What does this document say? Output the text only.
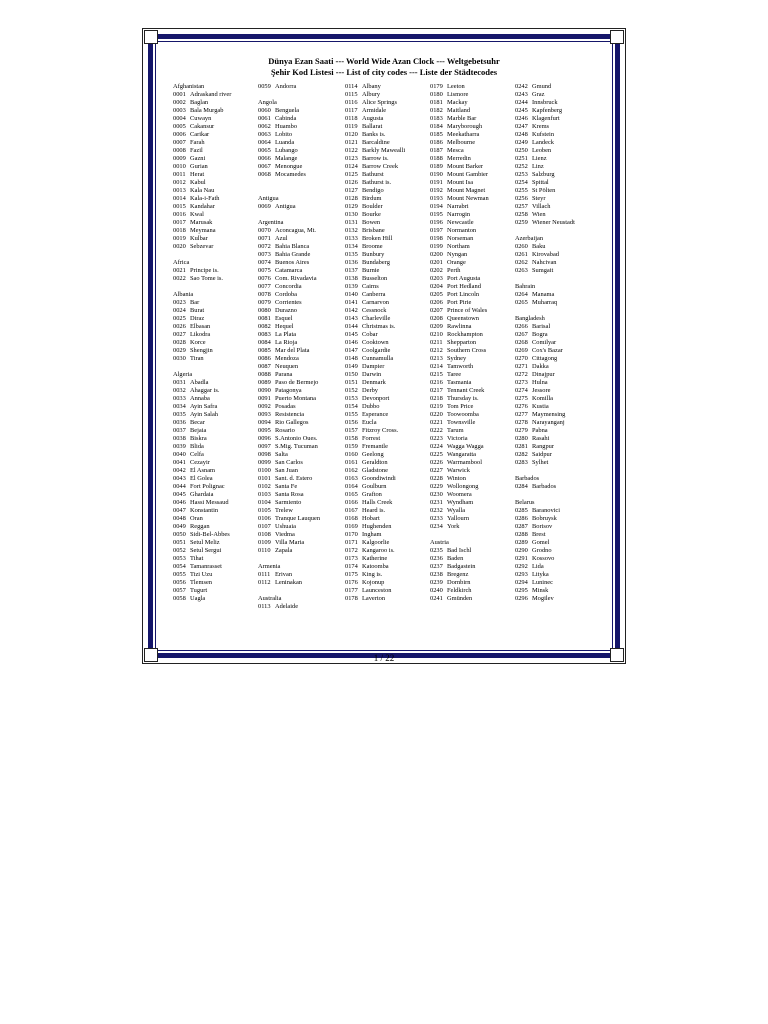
Dünya Ezan Saati --- World Wide Azan Clock --- Weltgebetsuhr
Şehir Kod Listesi --- List of city codes --- Liste der Städtecodes
Afghanistan
0001 Adraskand river
0002 Baglan
0003 Bala Murgab
0004 Cuwayn
0005 Cakansur
0006 Carikar
0007 Farah
0008 Fazil
0009 Gazni
0010 Gurian
0011 Herat
0012 Kabul
0013 Kala Nau
0014 Kala-i-Fath
0015 Kandahar
0016 Kwal
0017 Marusak
0018 Meymana
0019 Kulbar
0020 Sebzevar
Africa
0021 Principe is.
0022 Sao Tome is.
Albania
0023 Bar
0024 Burat
0025 Diraz
0026 Elbasan
0027 Likodra
0028 Korce
0029 Shengjin
0030 Tiran
Algeria
0031 Abadla
0032 Ahaggar is.
0033 Annaba
0034 Ayin Safra
0035 Ayin Salah
0036 Becar
0037 Bejaia
0038 Biskra
0039 Blida
0040 Celfa
0041 Cezayir
0042 El Asnam
0043 El Golea
0044 Fort Polignac
0045 Ghardaia
0046 Hassi Messaud
0047 Konstantin
0048 Oran
0049 Reggan
0050 Sidi-Bel-Abbes
0051 Setul Meliz
0052 Setul Sergui
0053 Tihat
0054 Tamanrasset
0055 Tizi Uzu
0056 Tlemsen
0057 Tugurt
0058 Uagla
0059 Andorra
Angola
0060 Benguela
0061 Cabinda
0062 Huambo
0063 Lobito
0064 Luanda
0065 Lubango
0066 Malange
0067 Menongue
0068 Mocamedes
Antigua
0069 Antigua
Argentina
0070 Aconcagua, Mt.
0071 Azul
0072 Bahia Blanca
0073 Bahia Grande
0074 Buenos Aires
0075 Catamarca
0076 Com. Rivadavia
0077 Concordia
0078 Cordoba
0079 Corrientes
0080 Durazno
0081 Esquel
0082 Hequel
0083 La Plata
0084 La Rioja
0085 Mar del Plata
0086 Mendoza
0087 Neuquen
0088 Parana
0089 Paso de Bermejo
0090 Patagonya
0091 Puerto Montana
0092 Posadas
0093 Resistencia
0094 Rio Gallegos
0095 Rosario
0096 S.Antonio Oues.
0097 S.Mig. Tucuman
0098 Salta
0099 San Carlos
0100 San Juan
0101 Sant. d. Estero
0102 Santa Fe
0103 Santa Rosa
0104 Sarmiento
0105 Trelew
0106 Tranque Lauquen
0107 Ushuaia
0108 Viedma
0109 Villa Maria
0110 Zapala
Armenia
0111 Erivan
0112 Leninakan
Australia
0113 Adelaide
0114 Albany
0115 Albury
0116 Alice Springs
0117 Armidale
0118 Augusta
0119 Ballarat
0120 Banks is.
0121 Barcaldine
0122 Barkly Mawealli
0123 Barrow is.
0124 Barrow Creek
0125 Bathurst
0126 Bathurst is.
0127 Bendigo
0128 Birdum
0129 Boulder
0130 Bourke
0131 Bowen
0132 Brisbane
0133 Broken Hill
0134 Broome
0135 Bunbury
0136 Bundaberg
0137 Burnie
0138 Busselton
0139 Cairns
0140 Canberra
0141 Carnarvon
0142 Cessnock
0143 Charleville
0144 Christmas is.
0145 Cobar
0146 Cooktown
0147 Coolgardie
0148 Cunnamulla
0149 Dampier
0150 Darwin
0151 Denmark
0152 Derby
0153 Devonport
0154 Dubbo
0155 Esperance
0156 Eucla
0157 Fitzroy Cross.
0158 Forrest
0159 Fremantle
0160 Geelong
0161 Geraldton
0162 Gladstone
0163 Goondiwindi
0164 Goulburn
0165 Grafton
0166 Halls Creek
0167 Heard is.
0168 Hobart
0169 Hughenden
0170 Ingham
0171 Kalgoorlie
0172 Kangaroo is.
0173 Katherine
0174 Katoomba
0175 King is.
0176 Kojonup
0177 Launceston
0178 Laverton
0179 Leeton
0180 Lismore
0181 Mackay
0182 Maitland
0183 Marble Bar
0184 Maryborough
0185 Meekatharra
0186 Melbourne
0187 Mesca
0188 Merredin
0189 Mount Barker
0190 Mount Gambier
0191 Mount Isa
0192 Mount Magnet
0193 Mount Newman
0194 Narrabri
0195 Narrogin
0196 Newcastle
0197 Normanton
0198 Norseman
0199 Northam
0200 Nyngan
0201 Orange
0202 Perth
0203 Port Augusta
0204 Port Hedland
0205 Port Lincoln
0206 Port Pirie
0207 Prince of Wales
0208 Queenstown
0209 Rawlinna
0210 Rockhampton
0211 Shepparton
0212 Southern Cross
0213 Sydney
0214 Tamworth
0215 Taree
0216 Tasmania
0217 Tennant Creek
0218 Thursday is.
0219 Tom Price
0220 Toowoomba
0221 Townsville
0222 Tarum
0223 Victoria
0224 Wagga Wagga
0225 Wangaratta
0226 Warrnambool
0227 Warwick
0228 Winton
0229 Wollongong
0230 Woomera
0231 Wyndham
0232 Wyalla
0233 Yallourn
0234 York
Austria
0235 Bad Ischl
0236 Baden
0237 Badgastein
0238 Bregenz
0239 Dornbirn
0240 Feldkirch
0241 Gmünden
0242 Gmund
0243 Graz
0244 Innsbruck
0245 Kapfenberg
0246 Klagenfurt
0247 Krems
0248 Kufstein
0249 Landeck
0250 Leoben
0251 Lienz
0252 Linz
0253 Salzburg
0254 Spittal
0255 St Pölten
0256 Steyr
0257 Villach
0258 Wien
0259 Wiener Neustadt
Azerbaijan
0260 Baku
0261 Kirovabad
0262 Nahcivan
0263 Sumgait
Bahrain
0264 Manama
0265 Muharraq
Bangladesh
0266 Barisal
0267 Bogra
0268 Comilyar
0269 Cox's Bazar
0270 Cittagong
0271 Dakka
0272 Dinajpur
0273 Hulna
0274 Jessore
0275 Komilla
0276 Kustia
0277 Maymensing
0278 Narayanganj
0279 Pabna
0280 Rasahi
0281 Rangpur
0282 Saidpur
0283 Sylhet
Barbados
0284 Barbados
Belarus
0285 Baranovici
0286 Bobruysk
0287 Borisov
0288 Brest
0289 Gomel
0290 Grodno
0291 Kossovo
0292 Lida
0293 Lityka
0294 Luninec
0295 Minsk
0296 Mogilev
1 / 22
